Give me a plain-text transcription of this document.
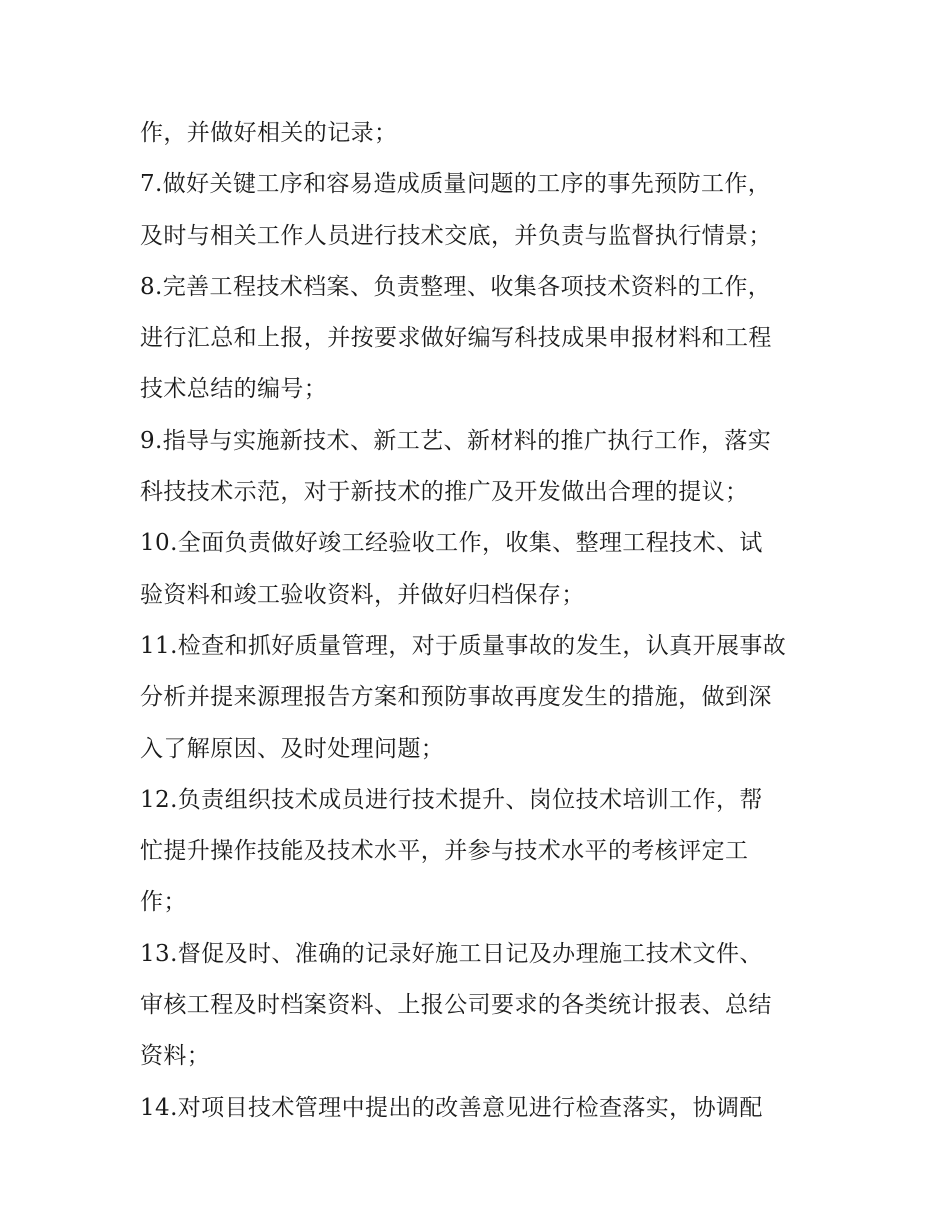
作，并做好相关的记录；
7.做好关键工序和容易造成质量问题的工序的事先预防工作，
及时与相关工作人员进行技术交底，并负责与监督执行情景；
8.完善工程技术档案、负责整理、收集各项技术资料的工作，
进行汇总和上报，并按要求做好编写科技成果申报材料和工程
技术总结的编号；
9.指导与实施新技术、新工艺、新材料的推广执行工作，落实
科技技术示范，对于新技术的推广及开发做出合理的提议；
10.全面负责做好竣工经验收工作，收集、整理工程技术、试
验资料和竣工验收资料，并做好归档保存；
11.检查和抓好质量管理，对于质量事故的发生，认真开展事故
分析并提来源理报告方案和预防事故再度发生的措施，做到深
入了解原因、及时处理问题；
12.负责组织技术成员进行技术提升、岗位技术培训工作，帮
忙提升操作技能及技术水平，并参与技术水平的考核评定工
作；
13.督促及时、准确的记录好施工日记及办理施工技术文件、
审核工程及时档案资料、上报公司要求的各类统计报表、总结
资料；
14.对项目技术管理中提出的改善意见进行检查落实，协调配
